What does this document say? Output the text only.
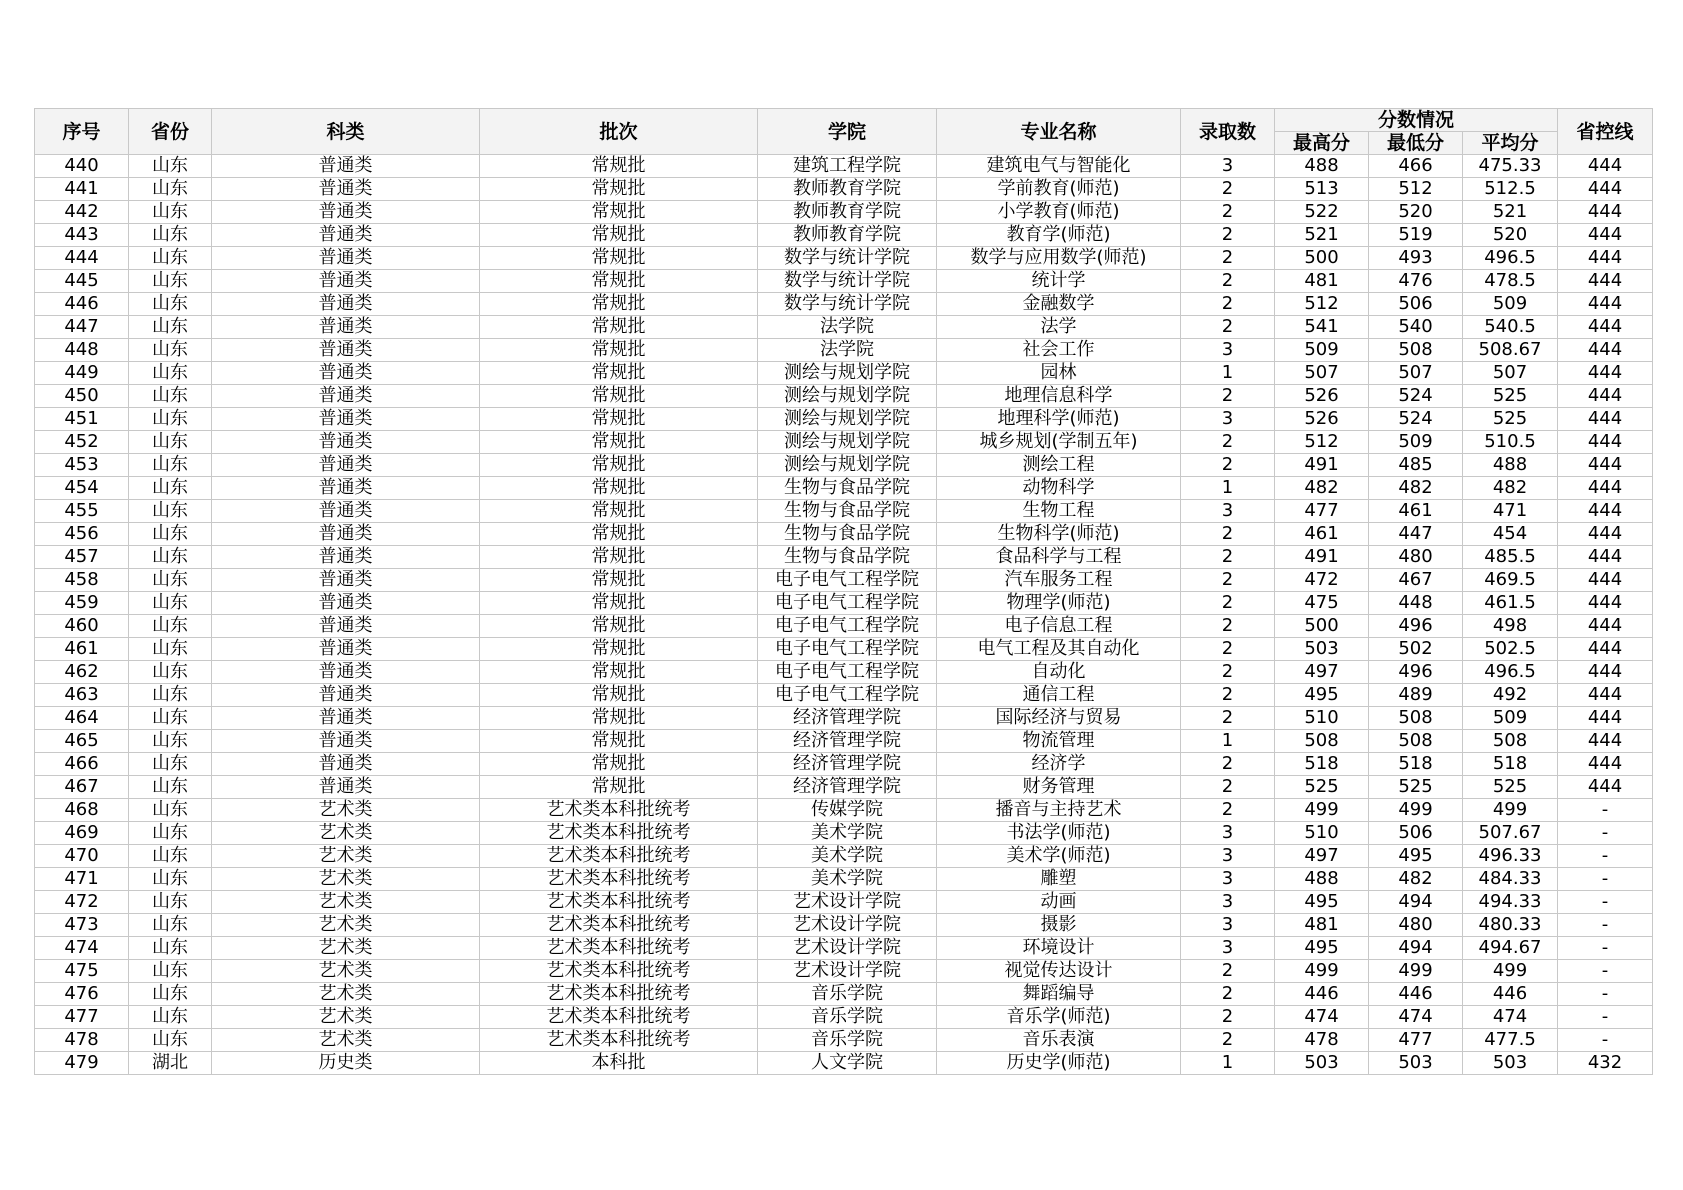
序号	省份	科类	批次	学院	专业名称	录取数	分数情况			省控线
							最高分	最低分	平均分	
440	山东	普通类	常规批	建筑工程学院	建筑电气与智能化	3	488	466	475.33	444
441	山东	普通类	常规批	教师教育学院	学前教育(师范)	2	513	512	512.5	444
442	山东	普通类	常规批	教师教育学院	小学教育(师范)	2	522	520	521	444
443	山东	普通类	常规批	教师教育学院	教育学(师范)	2	521	519	520	444
444	山东	普通类	常规批	数学与统计学院	数学与应用数学(师范)	2	500	493	496.5	444
445	山东	普通类	常规批	数学与统计学院	统计学	2	481	476	478.5	444
446	山东	普通类	常规批	数学与统计学院	金融数学	2	512	506	509	444
447	山东	普通类	常规批	法学院	法学	2	541	540	540.5	444
448	山东	普通类	常规批	法学院	社会工作	3	509	508	508.67	444
449	山东	普通类	常规批	测绘与规划学院	园林	1	507	507	507	444
450	山东	普通类	常规批	测绘与规划学院	地理信息科学	2	526	524	525	444
451	山东	普通类	常规批	测绘与规划学院	地理科学(师范)	3	526	524	525	444
452	山东	普通类	常规批	测绘与规划学院	城乡规划(学制五年)	2	512	509	510.5	444
453	山东	普通类	常规批	测绘与规划学院	测绘工程	2	491	485	488	444
454	山东	普通类	常规批	生物与食品学院	动物科学	1	482	482	482	444
455	山东	普通类	常规批	生物与食品学院	生物工程	3	477	461	471	444
456	山东	普通类	常规批	生物与食品学院	生物科学(师范)	2	461	447	454	444
457	山东	普通类	常规批	生物与食品学院	食品科学与工程	2	491	480	485.5	444
458	山东	普通类	常规批	电子电气工程学院	汽车服务工程	2	472	467	469.5	444
459	山东	普通类	常规批	电子电气工程学院	物理学(师范)	2	475	448	461.5	444
460	山东	普通类	常规批	电子电气工程学院	电子信息工程	2	500	496	498	444
461	山东	普通类	常规批	电子电气工程学院	电气工程及其自动化	2	503	502	502.5	444
462	山东	普通类	常规批	电子电气工程学院	自动化	2	497	496	496.5	444
463	山东	普通类	常规批	电子电气工程学院	通信工程	2	495	489	492	444
464	山东	普通类	常规批	经济管理学院	国际经济与贸易	2	510	508	509	444
465	山东	普通类	常规批	经济管理学院	物流管理	1	508	508	508	444
466	山东	普通类	常规批	经济管理学院	经济学	2	518	518	518	444
467	山东	普通类	常规批	经济管理学院	财务管理	2	525	525	525	444
468	山东	艺术类	艺术类本科批统考	传媒学院	播音与主持艺术	2	499	499	499	-
469	山东	艺术类	艺术类本科批统考	美术学院	书法学(师范)	3	510	506	507.67	-
470	山东	艺术类	艺术类本科批统考	美术学院	美术学(师范)	3	497	495	496.33	-
471	山东	艺术类	艺术类本科批统考	美术学院	雕塑	3	488	482	484.33	-
472	山东	艺术类	艺术类本科批统考	艺术设计学院	动画	3	495	494	494.33	-
473	山东	艺术类	艺术类本科批统考	艺术设计学院	摄影	3	481	480	480.33	-
474	山东	艺术类	艺术类本科批统考	艺术设计学院	环境设计	3	495	494	494.67	-
475	山东	艺术类	艺术类本科批统考	艺术设计学院	视觉传达设计	2	499	499	499	-
476	山东	艺术类	艺术类本科批统考	音乐学院	舞蹈编导	2	446	446	446	-
477	山东	艺术类	艺术类本科批统考	音乐学院	音乐学(师范)	2	474	474	474	-
478	山东	艺术类	艺术类本科批统考	音乐学院	音乐表演	2	478	477	477.5	-
479	湖北	历史类	本科批	人文学院	历史学(师范)	1	503	503	503	432
